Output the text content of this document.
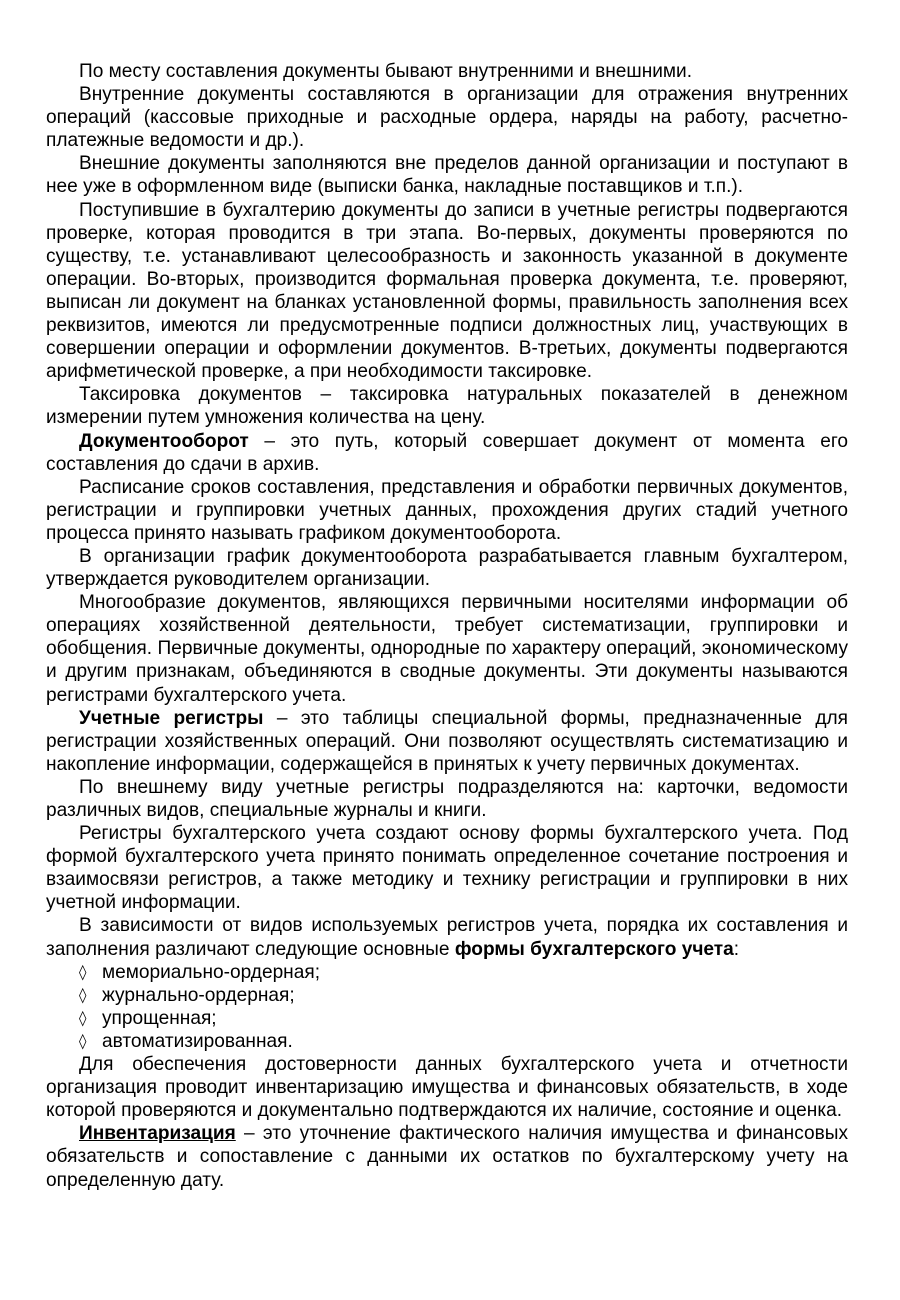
По месту составления документы бывают внутренними и внешними.

Внутренние документы составляются в организации для отражения внутренних операций (кассовые приходные и расходные ордера, наряды на работу, расчетно-платежные ведомости и др.).

Внешние документы заполняются вне пределов данной организации и поступают в нее уже в оформленном виде (выписки банка, накладные поставщиков и т.п.).

Поступившие в бухгалтерию документы до записи в учетные регистры подвергаются проверке, которая проводится в три этапа. Во-первых, документы проверяются по существу, т.е. устанавливают целесообразность и законность указанной в документе операции. Во-вторых, производится формальная проверка документа, т.е. проверяют, выписан ли документ на бланках установленной формы, правильность заполнения всех реквизитов, имеются ли предусмотренные подписи должностных лиц, участвующих в совершении операции и оформлении документов. В-третьих, документы подвергаются арифметической проверке, а при необходимости таксировке.

Таксировка документов – таксировка натуральных показателей в денежном измерении путем умножения количества на цену.

Документооборот – это путь, который совершает документ от момента его составления до сдачи в архив.

Расписание сроков составления, представления и обработки первичных документов, регистрации и группировки учетных данных, прохождения других стадий учетного процесса принято называть графиком документооборота.

В организации график документооборота разрабатывается главным бухгалтером, утверждается руководителем организации.

Многообразие документов, являющихся первичными носителями информации об операциях хозяйственной деятельности, требует систематизации, группировки и обобщения. Первичные документы, однородные по характеру операций, экономическому и другим признакам, объединяются в сводные документы. Эти документы называются регистрами бухгалтерского учета.

Учетные регистры – это таблицы специальной формы, предназначенные для регистрации хозяйственных операций. Они позволяют осуществлять систематизацию и накопление информации, содержащейся в принятых к учету первичных документах.

По внешнему виду учетные регистры подразделяются на: карточки, ведомости различных видов, специальные журналы и книги.

Регистры бухгалтерского учета создают основу формы бухгалтерского учета. Под формой бухгалтерского учета принято понимать определенное сочетание построения и взаимосвязи регистров, а также методику и технику регистрации и группировки в них учетной информации.

В зависимости от видов используемых регистров учета, порядка их составления и заполнения различают следующие основные формы бухгалтерского учета:

◊ мемориально-ордерная;
◊ журнально-ордерная;
◊ упрощенная;
◊ автоматизированная.

Для обеспечения достоверности данных бухгалтерского учета и отчетности организация проводит инвентаризацию имущества и финансовых обязательств, в ходе которой проверяются и документально подтверждаются их наличие, состояние и оценка.

Инвентаризация – это уточнение фактического наличия имущества и финансовых обязательств и сопоставление с данными их остатков по бухгалтерскому учету на определенную дату.
